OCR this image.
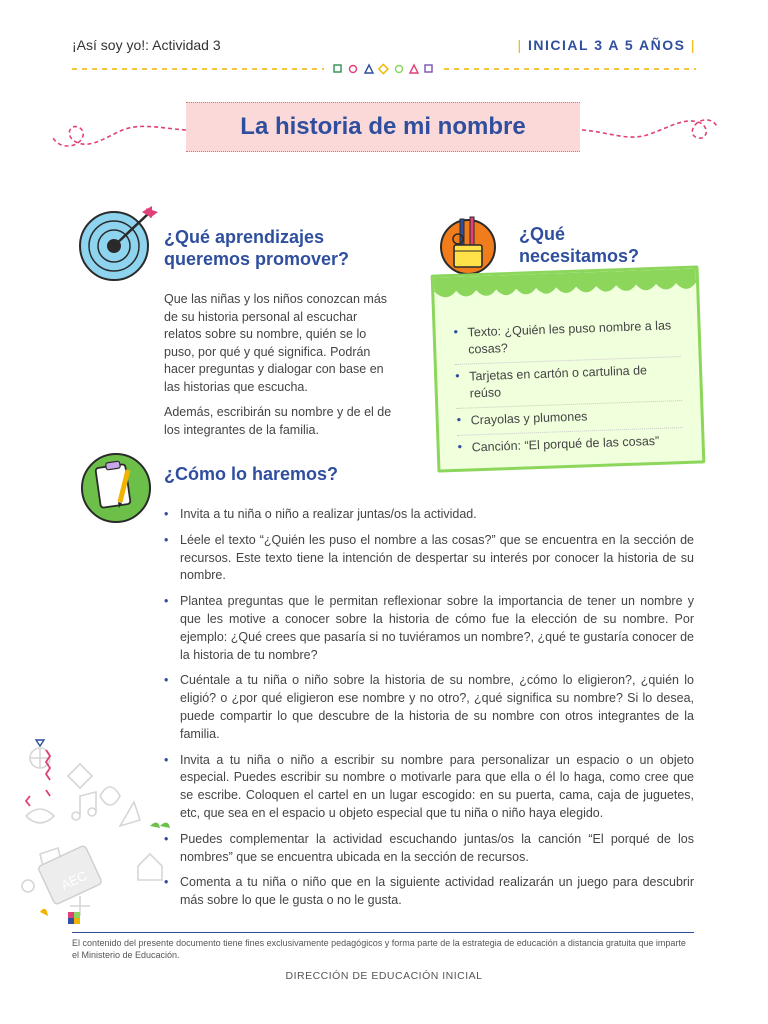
¡Así soy yo!: Actividad 3	| INICIAL 3 A 5 AÑOS |
La historia de mi nombre
¿Qué aprendizajes
queremos promover?

Que las niñas y los niños conozcan más de su historia personal al escuchar relatos sobre su nombre, quién se lo puso, por qué y qué significa. Podrán hacer preguntas y dialogar con base en las historias que escucha.

Además, escribirán su nombre y de el de los integrantes de la familia.

¿Qué
necesitamos?
• Texto: ¿Quién les puso nombre a las cosas?
• Tarjetas en cartón o cartulina de reúso
• Crayolas y plumones
• Canción: “El porqué de las cosas”
¿Cómo lo haremos?
• Invita a tu niña o niño a realizar juntas/os la actividad.
• Léele el texto “¿Quién les puso el nombre a las cosas?” que se encuentra en la sección de recursos. Este texto tiene la intención de despertar su interés por conocer la historia de su nombre.
• Plantea preguntas que le permitan reflexionar sobre la importancia de tener un nombre y que les motive a conocer sobre la historia de cómo fue la elección de su nombre. Por ejemplo: ¿Qué crees que pasaría si no tuviéramos un nombre?, ¿qué te gustaría conocer de la historia de tu nombre?
• Cuéntale a tu niña o niño sobre la historia de su nombre, ¿cómo lo eligieron?, ¿quién lo eligió? o ¿por qué eligieron ese nombre y no otro?, ¿qué significa su nombre? Si lo desea, puede compartir lo que descubre de la historia de su nombre con otros integrantes de la familia.
• Invita a tu niña o niño a escribir su nombre para personalizar un espacio o un objeto especial. Puedes escribir su nombre o motivarle para que ella o él lo haga, como cree que se escribe. Coloquen el cartel en un lugar escogido: en su puerta, cama, caja de juguetes, etc, que sea en el espacio u objeto especial que tu niña o niño haya elegido.
• Puedes complementar la actividad escuchando juntas/os la canción “El porqué de los nombres” que se encuentra ubicada en la sección de recursos.
• Comenta a tu niña o niño que en la siguiente actividad realizarán un juego para descubrir más sobre lo que le gusta o no le gusta.
AEC
El contenido del presente documento tiene fines exclusivamente pedagógicos y forma parte de la estrategia de educación a distancia gratuita que imparte el Ministerio de Educación.
DIRECCIÓN DE EDUCACIÓN INICIAL
